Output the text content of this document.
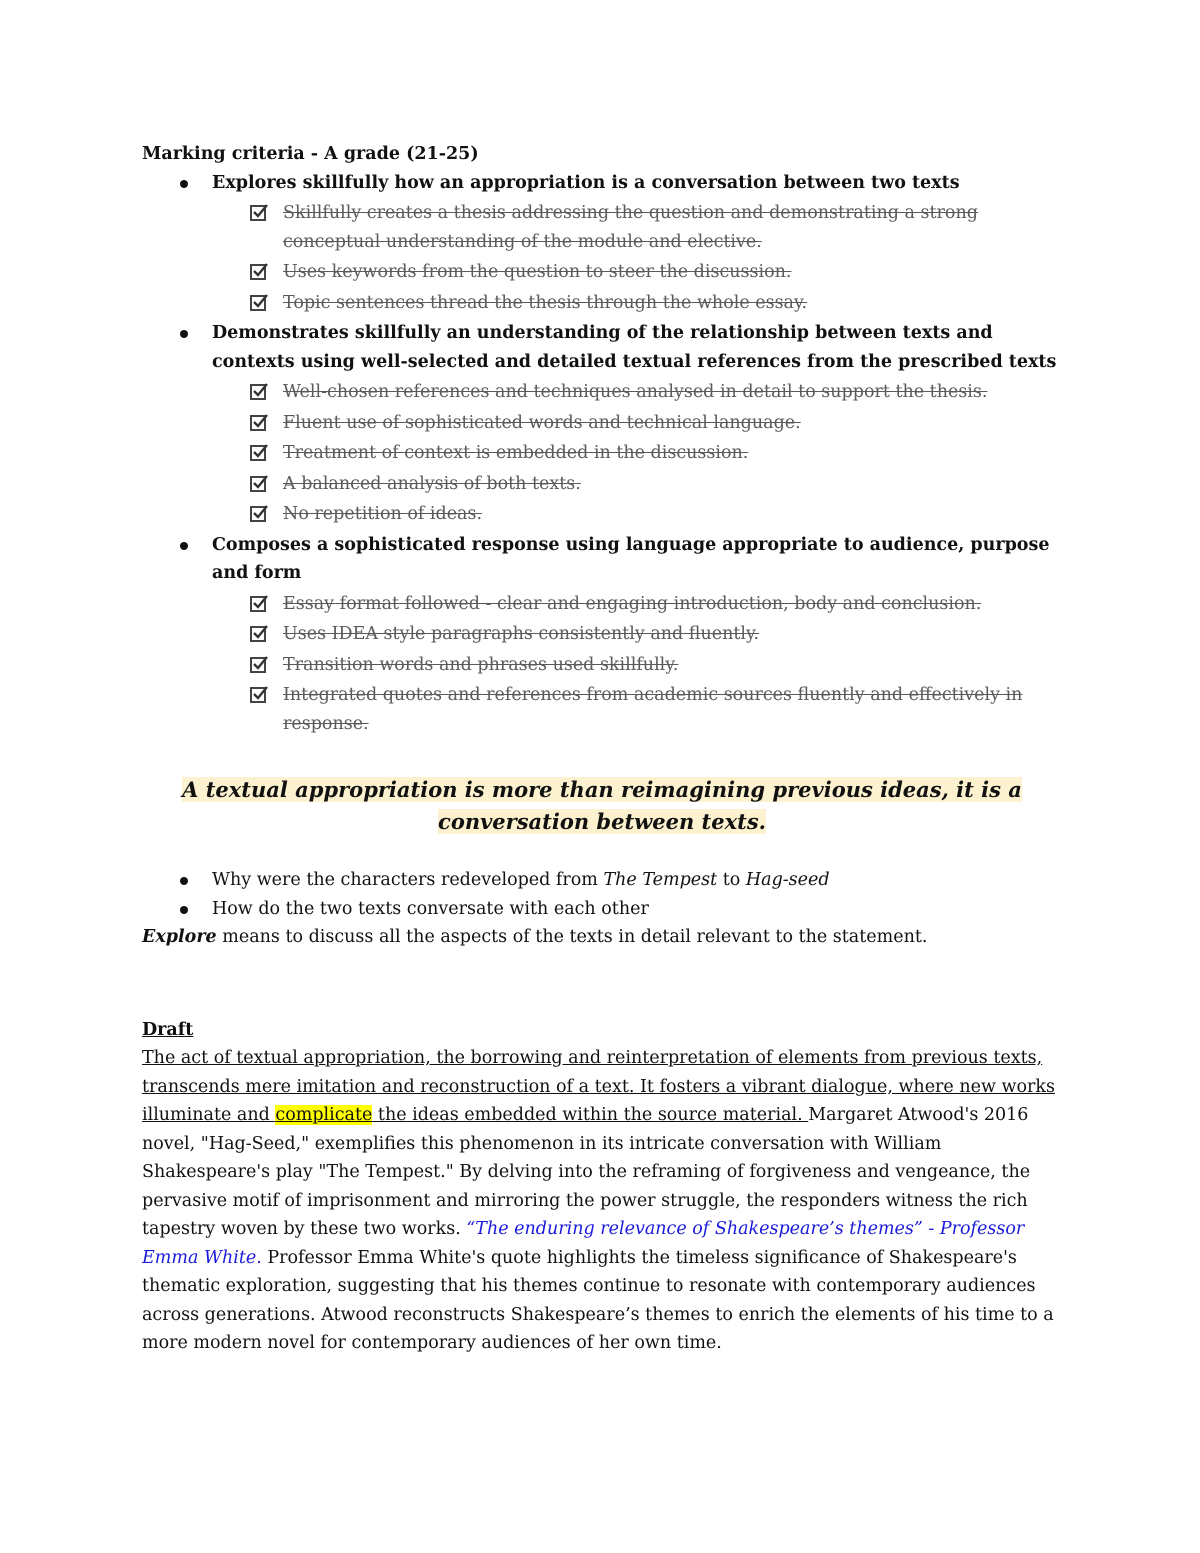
Marking criteria - A grade (21-25)

Explores skillfully how an appropriation is a conversation between two texts
Skillfully creates a thesis addressing the question and demonstrating a strong conceptual understanding of the module and elective.
Uses keywords from the question to steer the discussion.
Topic sentences thread the thesis through the whole essay.
Demonstrates skillfully an understanding of the relationship between texts and contexts using well-selected and detailed textual references from the prescribed texts
Well-chosen references and techniques analysed in detail to support the thesis.
Fluent use of sophisticated words and technical language.
Treatment of context is embedded in the discussion.
A balanced analysis of both texts.
No repetition of ideas.
Composes a sophisticated response using language appropriate to audience, purpose and form
Essay format followed - clear and engaging introduction, body and conclusion.
Uses IDEA style paragraphs consistently and fluently.
Transition words and phrases used skillfully.
Integrated quotes and references from academic sources fluently and effectively in response.

A textual appropriation is more than reimagining previous ideas, it is a conversation between texts.

Why were the characters redeveloped from The Tempest to Hag-seed
How do the two texts conversate with each other

Explore means to discuss all the aspects of the texts in detail relevant to the statement.

Draft

The act of textual appropriation, the borrowing and reinterpretation of elements from previous texts, transcends mere imitation and reconstruction of a text. It fosters a vibrant dialogue, where new works illuminate and complicate the ideas embedded within the source material. Margaret Atwood's 2016 novel, "Hag-Seed," exemplifies this phenomenon in its intricate conversation with William Shakespeare's play "The Tempest." By delving into the reframing of forgiveness and vengeance, the pervasive motif of imprisonment and mirroring the power struggle, the responders witness the rich tapestry woven by these two works. “The enduring relevance of Shakespeare’s themes” - Professor Emma White. Professor Emma White's quote highlights the timeless significance of Shakespeare's thematic exploration, suggesting that his themes continue to resonate with contemporary audiences across generations. Atwood reconstructs Shakespeare’s themes to enrich the elements of his time to a more modern novel for contemporary audiences of her own time.
